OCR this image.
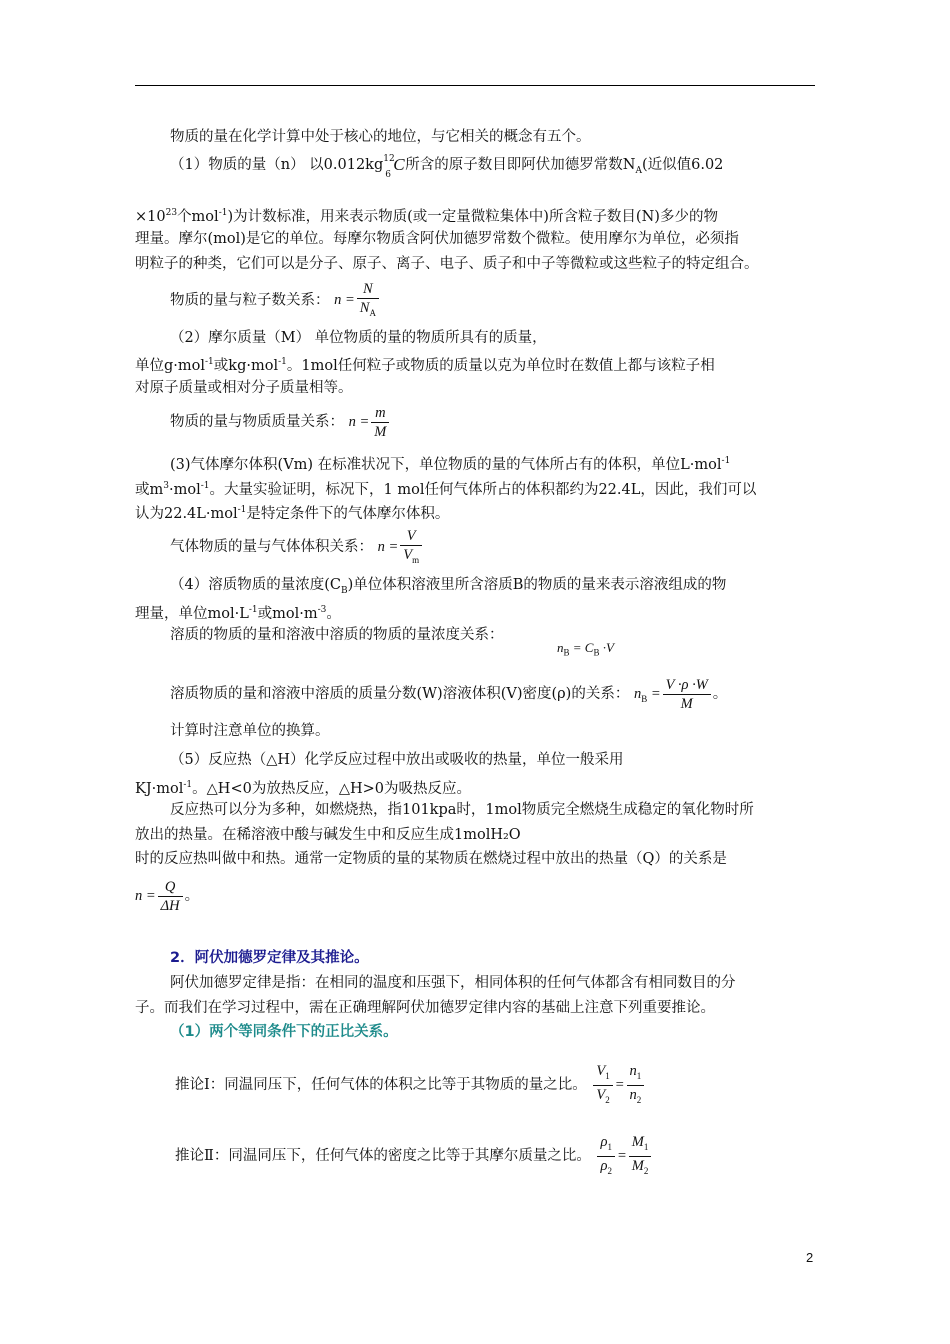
物质的量在化学计算中处于核心的地位，与它相关的概念有五个。
（1）物质的量（n） 以0.012kg 12
6
C 所含的原子数目即阿伏加德罗常数$N_A$(近似值6.02
$\times 10^{23}$个mol$^{-1}$)为计数标准，用来表示物质(或一定量微粒集体中)所含粒子数目(N)多少的物
理量。摩尔(mol)是它的单位。每摩尔物质含阿伏加德罗常数个微粒。使用摩尔为单位，必须指
明粒子的种类，它们可以是分子、原子、离子、电子、质子和中子等微粒或这些粒子的特定组合。
物质的量与粒子数关系： $n = \frac{N}{N_A}$
（2）摩尔质量（M） 单位物质的量的物质所具有的质量，
单位g·mol$^{-1}$或kg·mol$^{-1}$。1mol任何粒子或物质的质量以克为单位时在数值上都与该粒子相
对原子质量或相对分子质量相等。
物质的量与物质质量关系： $n = \frac{m}{M}$
(3)气体摩尔体积(Vm) 在标准状况下，单位物质的量的气体所占有的体积，单位L·mol$^{-1}$
或$m^3\cdot mol^{-1}$。大量实验证明，标况下，1 mol任何气体所占的体积都约为22.4L，因此，我们可以
认为22.4L·mol$^{-1}$是特定条件下的气体摩尔体积。
气体物质的量与气体体积关系： $n = \frac{V}{V_m}$
（4）溶质物质的量浓度$(C_B)$单位体积溶液里所含溶质B的物质的量来表示溶液组成的物
理量，单位$mol\cdot L^{-1}$或$mol\cdot m^{-3}$。
溶质的物质的量和溶液中溶质的物质的量浓度关系：
$n_B = C_B \cdot V$
溶质物质的量和溶液中溶质的质量分数(W)溶液体积(V)密度(ρ)的关系： $n_B = \frac{V \cdot\rho \cdot W}{M}$ 。
计算时注意单位的换算。
（5）反应热（△H）化学反应过程中放出或吸收的热量，单位一般采用
KJ·mol$^{-1}$。△H<0为放热反应，△H>0为吸热反应。
反应热可以分为多种，如燃烧热，指101kpa时，1mol物质完全燃烧生成稳定的氧化物时所
放出的热量。在稀溶液中酸与碱发生中和反应生成1molH₂O
时的反应热叫做中和热。通常一定物质的量的某物质在燃烧过程中放出的热量（Q）的关系是
$n = \frac{Q}{\Delta H}$ 。
2．阿伏加德罗定律及其推论。
阿伏加德罗定律是指：在相同的温度和压强下，相同体积的任何气体都含有相同数目的分
子。而我们在学习过程中，需在正确理解阿伏加德罗定律内容的基础上注意下列重要推论。
（1）两个等同条件下的正比关系。
推论Ⅰ：同温同压下，任何气体的体积之比等于其物质的量之比。 $\frac{V_1}{V_2} = \frac{n_1}{n_2}$
推论Ⅱ：同温同压下，任何气体的密度之比等于其摩尔质量之比。 $\frac{\rho_1}{\rho_2} = \frac{M_1}{M_2}$
2
